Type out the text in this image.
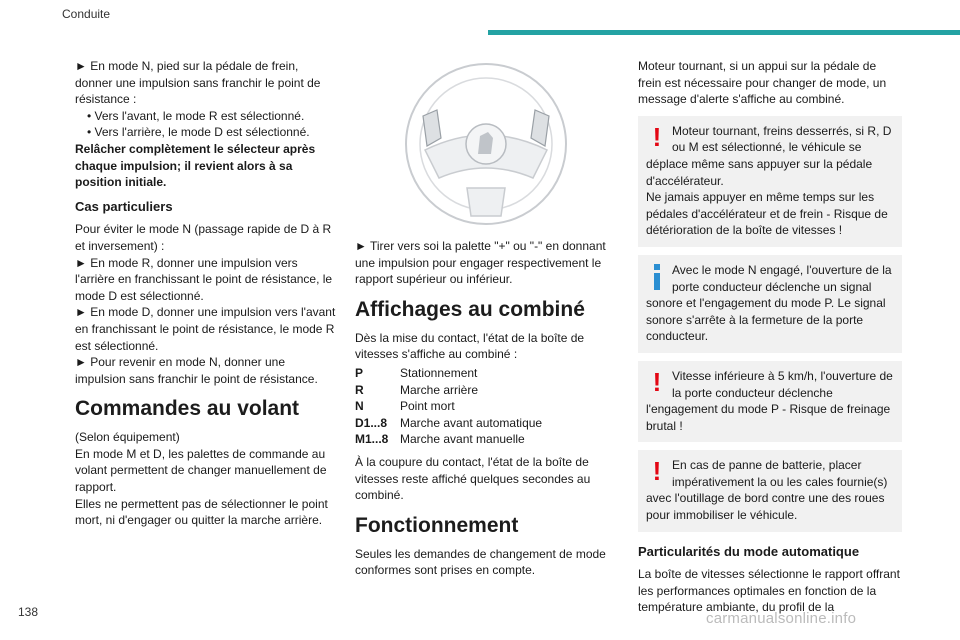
Conduite

► En mode N, pied sur la pédale de frein, donner une impulsion sans franchir le point de résistance :

• Vers l'avant, le mode R est sélectionné.

• Vers l'arrière, le mode D est sélectionné.

Relâcher complètement le sélecteur après chaque impulsion; il revient alors à sa position initiale.

Cas particuliers

Pour éviter le mode N (passage rapide de D à R et inversement) :

► En mode R, donner une impulsion vers l'arrière en franchissant le point de résistance, le mode D est sélectionné.

► En mode D, donner une impulsion vers l'avant en franchissant le point de résistance, le mode R est sélectionné.

► Pour revenir en mode N, donner une impulsion sans franchir le point de résistance.

Commandes au volant

(Selon équipement)

En mode M et D, les palettes de commande au volant permettent de changer manuellement de rapport.

Elles ne permettent pas de sélectionner le point mort, ni d'engager ou quitter la marche arrière.

► Tirer vers soi la palette "+" ou "-" en donnant une impulsion pour engager respectivement le rapport supérieur ou inférieur.

Affichages au combiné

Dès la mise du contact, l'état de la boîte de vitesses s'affiche au combiné :

P	Stationnement
R	Marche arrière
N	Point mort
D1...8	Marche avant automatique
M1...8	Marche avant manuelle

À la coupure du contact, l'état de la boîte de vitesses reste affiché quelques secondes au combiné.

Fonctionnement

Seules les demandes de changement de mode conformes sont prises en compte.

Moteur tournant, si un appui sur la pédale de frein est nécessaire pour changer de mode, un message d'alerte s'affiche au combiné.

! Moteur tournant, freins desserrés, si R, D ou M est sélectionné, le véhicule se déplace même sans appuyer sur la pédale d'accélérateur.
Ne jamais appuyer en même temps sur les pédales d'accélérateur et de frein - Risque de détérioration de la boîte de vitesses !

Avec le mode N engagé, l'ouverture de la porte conducteur déclenche un signal sonore et l'engagement du mode P. Le signal sonore s'arrête à la fermeture de la porte conducteur.

! Vitesse inférieure à 5 km/h, l'ouverture de la porte conducteur déclenche l'engagement du mode P - Risque de freinage brutal !

! En cas de panne de batterie, placer impérativement la ou les cales fournie(s) avec l'outillage de bord contre une des roues pour immobiliser le véhicule.

Particularités du mode automatique

La boîte de vitesses sélectionne le rapport offrant les performances optimales en fonction de la température ambiante, du profil de la

138	carmanualsonline.info
